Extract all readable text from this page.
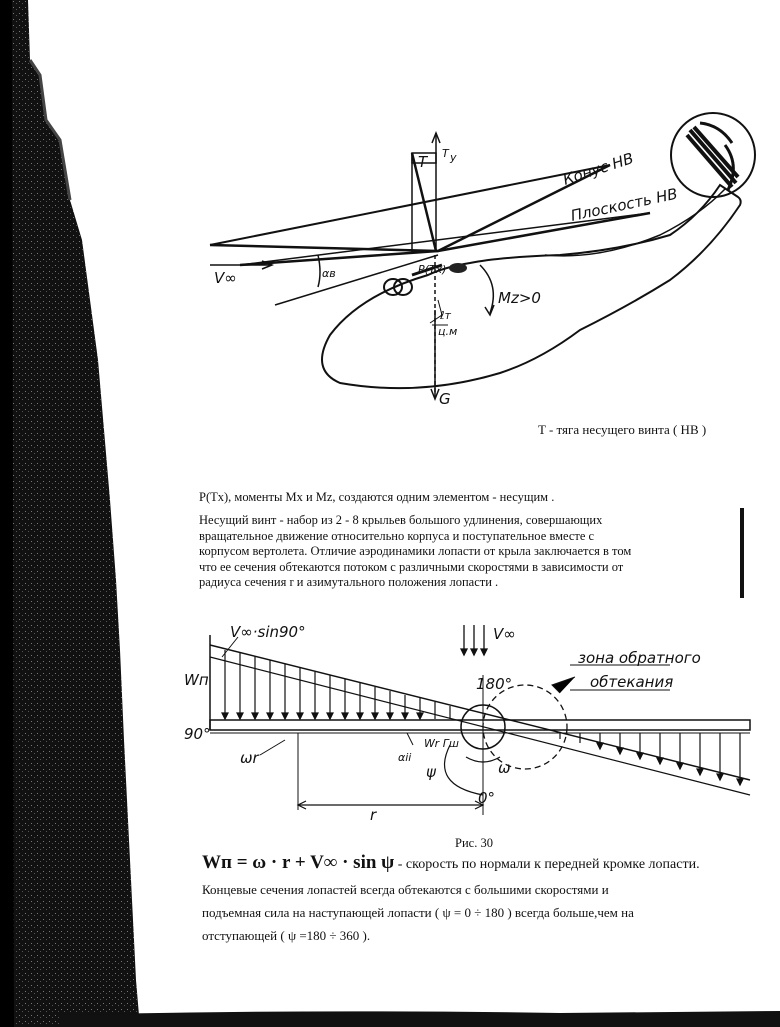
T T y	Конус НВ
Плоскость НВ
V∞	αв	P(Tx)
Mz>0
ℓт
ц.м
G
T - тяга несущего винта ( НВ )
P(Tx), моменты Mx и Mz, создаются одним элементом - несущим .
Несущий винт - набор из 2 - 8 крыльев большого удлинения, совершающих
вращательное движение относительно корпуса и поступательное вместе с
корпусом вертолета. Отличие аэродинамики лопасти от крыла заключается в том
что ее сечения обтекаются потоком с различными скоростями в зависимости от
радиуса сечения r и азимутального положения лопасти .
V∞·sin90°
Wп
V∞
зона обратного
обтекания
180°
90°
0°
ωr	αii
Wr Гш
ψ	ω
r
Рис. 30
Wп = ω · r + V∞ · sin ψ - скорость по нормали к передней кромке лопасти.
Концевые сечения лопастей всегда обтекаются с большими скоростями и
подъемная сила на наступающей лопасти ( ψ = 0 ÷ 180 ) всегда больше,чем на
отступающей ( ψ =180 ÷ 360 ).
